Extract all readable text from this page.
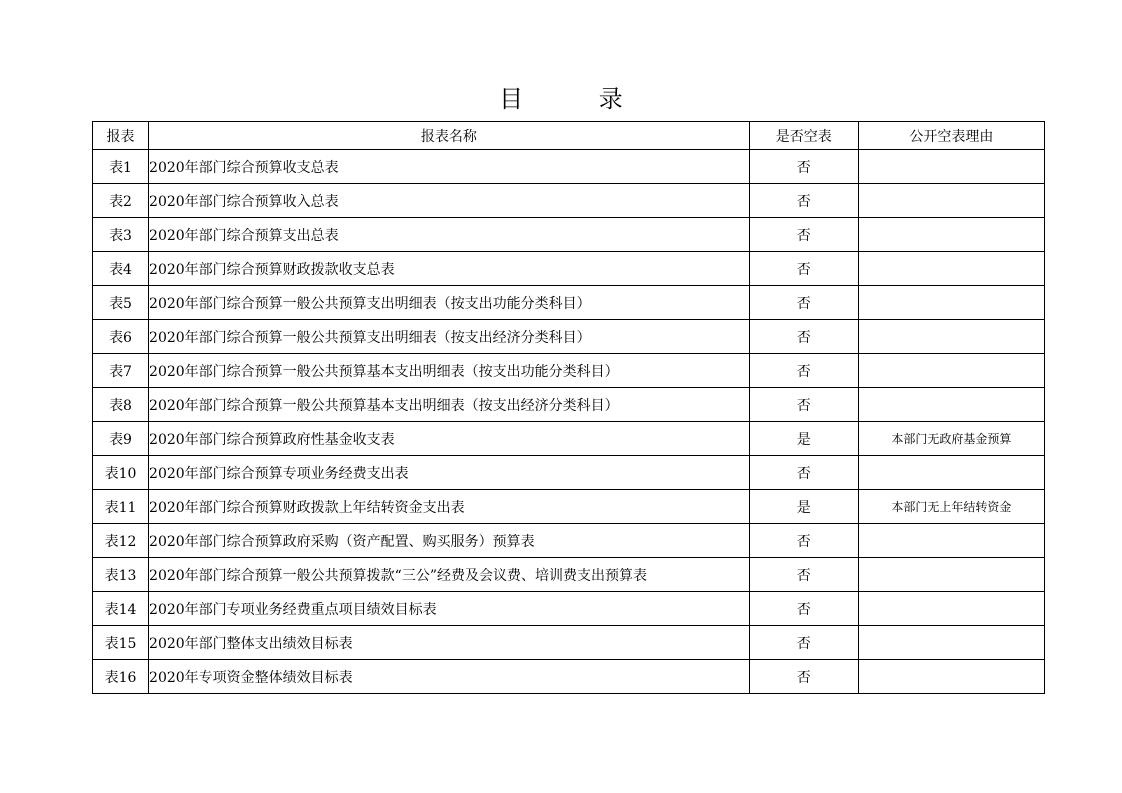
目 录
报表	报表名称	是否空表	公开空表理由
表1	2020年部门综合预算收支总表	否	
表2	2020年部门综合预算收入总表	否	
表3	2020年部门综合预算支出总表	否	
表4	2020年部门综合预算财政拨款收支总表	否	
表5	2020年部门综合预算一般公共预算支出明细表（按支出功能分类科目）	否	
表6	2020年部门综合预算一般公共预算支出明细表（按支出经济分类科目）	否	
表7	2020年部门综合预算一般公共预算基本支出明细表（按支出功能分类科目）	否	
表8	2020年部门综合预算一般公共预算基本支出明细表（按支出经济分类科目）	否	
表9	2020年部门综合预算政府性基金收支表	是	本部门无政府基金预算
表10	2020年部门综合预算专项业务经费支出表	否	
表11	2020年部门综合预算财政拨款上年结转资金支出表	是	本部门无上年结转资金
表12	2020年部门综合预算政府采购（资产配置、购买服务）预算表	否	
表13	2020年部门综合预算一般公共预算拨款“三公”经费及会议费、培训费支出预算表	否	
表14	2020年部门专项业务经费重点项目绩效目标表	否	
表15	2020年部门整体支出绩效目标表	否	
表16	2020年专项资金整体绩效目标表	否	
